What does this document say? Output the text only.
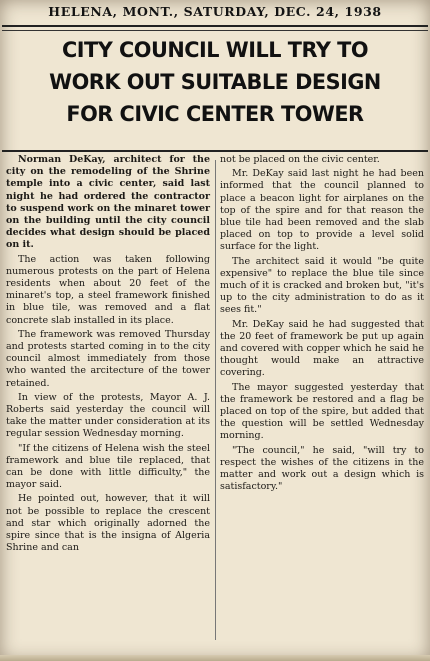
HELENA, MONT., SATURDAY, DEC. 24, 1938
CITY COUNCIL WILL TRY TO
WORK OUT SUITABLE DESIGN
FOR CIVIC CENTER TOWER

Norman DeKay, architect for the city on the remodeling of the Shrine temple into a civic center, said last night he had ordered the contractor to suspend work on the minaret tower on the building until the city council decides what design should be placed on it.

The action was taken following numerous protests on the part of Helena residents when about 20 feet of the minaret's top, a steel framework finished in blue tile, was removed and a flat concrete slab installed in its place.

The framework was removed Thursday and protests started coming in to the city council almost immediately from those who wanted the arcitecture of the tower retained.

In view of the protests, Mayor A. J. Roberts said yesterday the council will take the matter under consideration at its regular session Wednesday morning.

"If the citizens of Helena wish the steel framework and blue tile replaced, that can be done with little difficulty," the mayor said.

He pointed out, however, that it will not be possible to replace the crescent and star which originally adorned the spire since that is the insigna of Algeria Shrine and can

not be placed on the civic center.

Mr. DeKay said last night he had been informed that the council planned to place a beacon light for airplanes on the top of the spire and for that reason the blue tile had been removed and the slab placed on top to provide a level solid surface for the light.

The architect said it would "be quite expensive" to replace the blue tile since much of it is cracked and broken but, "it's up to the city administration to do as it sees fit."

Mr. DeKay said he had suggested that the 20 feet of framework be put up again and covered with copper which he said he thought would make an attractive covering.

The mayor suggested yesterday that the framework be restored and a flag be placed on top of the spire, but added that the question will be settled Wednesday morning.

"The council," he said, "will try to respect the wishes of the citizens in the matter and work out a design which is satisfactory."
